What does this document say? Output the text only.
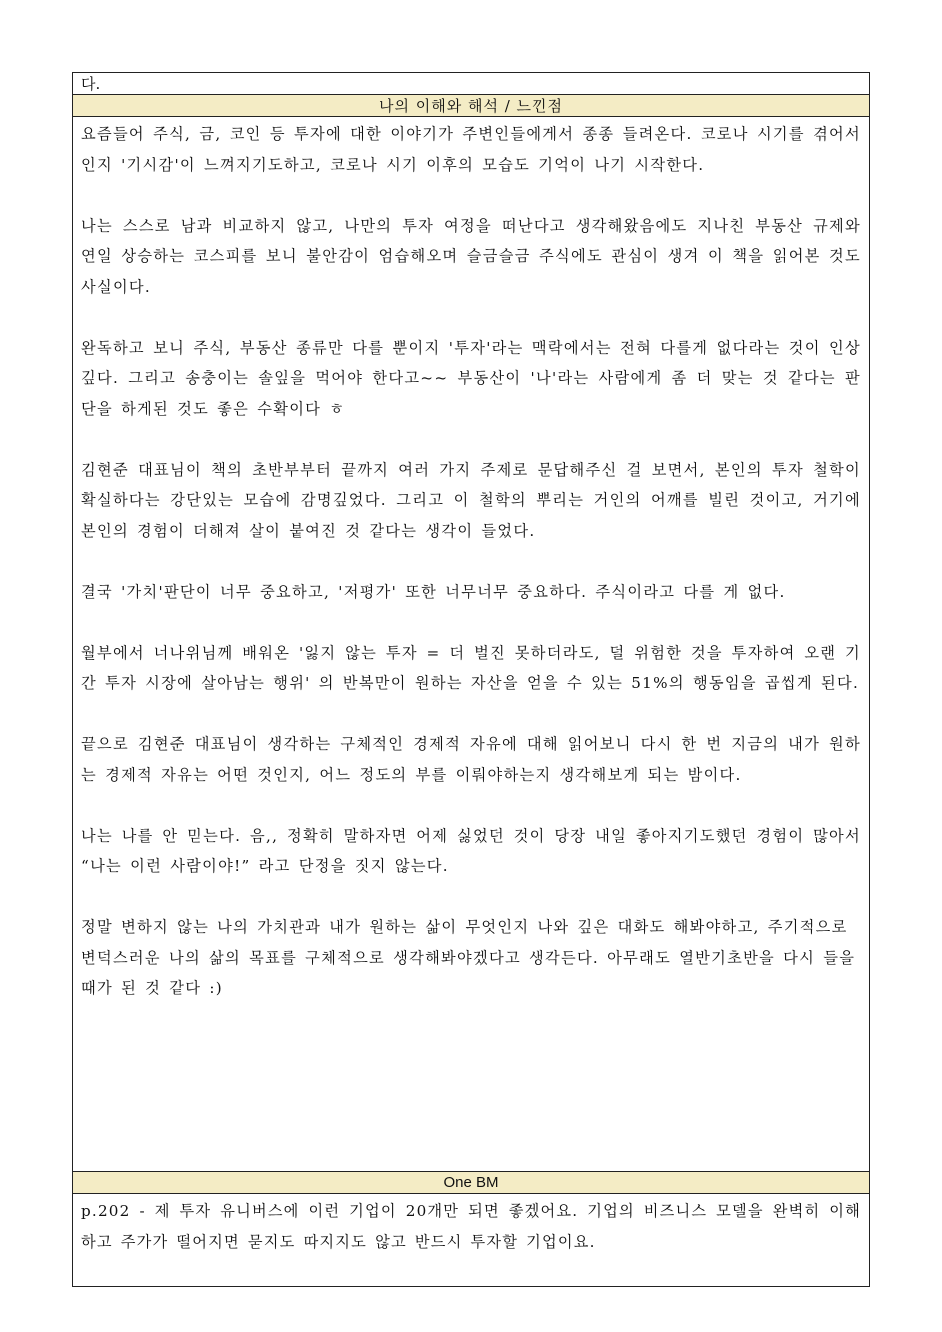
다.
나의 이해와 해석 / 느낀점

요즘들어 주식, 금, 코인 등 투자에 대한 이야기가 주변인들에게서 종종 들려온다. 코로나 시기를 겪어서인지 '기시감'이 느껴지기도하고, 코로나 시기 이후의 모습도 기억이 나기 시작한다.

나는 스스로 남과 비교하지 않고, 나만의 투자 여정을 떠난다고 생각해왔음에도 지나친 부동산 규제와 연일 상승하는 코스피를 보니 불안감이 엄습해오며 슬금슬금 주식에도 관심이 생겨 이 책을 읽어본 것도 사실이다.

완독하고 보니 주식, 부동산 종류만 다를 뿐이지 '투자'라는 맥락에서는 전혀 다를게 없다라는 것이 인상깊다. 그리고 송충이는 솔잎을 먹어야 한다고~~ 부동산이 '나'라는 사람에게 좀 더 맞는 것 같다는 판단을 하게된 것도 좋은 수확이다 ㅎ

김현준 대표님이 책의 초반부부터 끝까지 여러 가지 주제로 문답해주신 걸 보면서, 본인의 투자 철학이 확실하다는 강단있는 모습에 감명깊었다. 그리고 이 철학의 뿌리는 거인의 어깨를 빌린 것이고, 거기에 본인의 경험이 더해져 살이 붙여진 것 같다는 생각이 들었다.

결국 '가치'판단이 너무 중요하고, '저평가' 또한 너무너무 중요하다. 주식이라고 다를 게 없다.

월부에서 너나위님께 배워온 '잃지 않는 투자 = 더 벌진 못하더라도, 덜 위험한 것을 투자하여 오랜 기간 투자 시장에 살아남는 행위' 의 반복만이 원하는 자산을 얻을 수 있는 51%의 행동임을 곱씹게 된다.

끝으로 김현준 대표님이 생각하는 구체적인 경제적 자유에 대해 읽어보니 다시 한 번 지금의 내가 원하는 경제적 자유는 어떤 것인지, 어느 정도의 부를 이뤄야하는지 생각해보게 되는 밤이다.

나는 나를 안 믿는다. 음,, 정확히 말하자면 어제 싫었던 것이 당장 내일 좋아지기도했던 경험이 많아서 “나는 이런 사람이야!” 라고 단정을 짓지 않는다.

정말 변하지 않는 나의 가치관과 내가 원하는 삶이 무엇인지 나와 깊은 대화도 해봐야하고, 주기적으로 변덕스러운 나의 삶의 목표를 구체적으로 생각해봐야겠다고 생각든다. 아무래도 열반기초반을 다시 들을 때가 된 것 같다 :)

One BM

p.202 - 제 투자 유니버스에 이런 기업이 20개만 되면 좋겠어요. 기업의 비즈니스 모델을 완벽히 이해하고 주가가 떨어지면 묻지도 따지지도 않고 반드시 투자할 기업이요.
